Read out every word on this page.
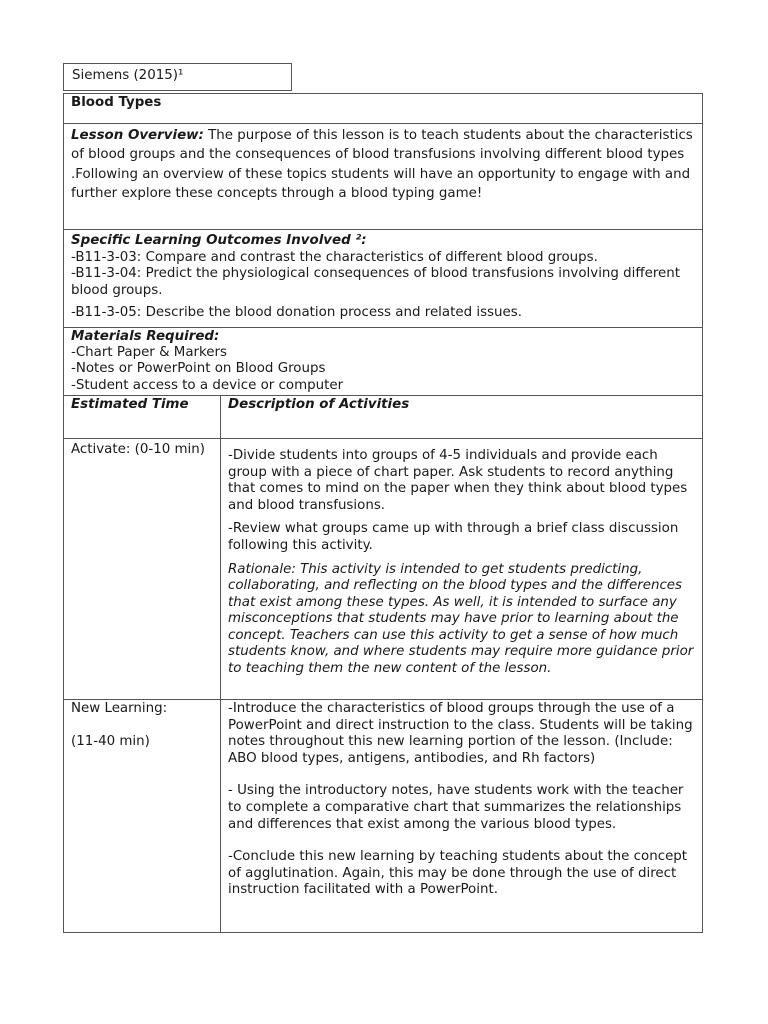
Siemens (2015)¹
Blood Types
Lesson Overview: The purpose of this lesson is to teach students about the characteristics of blood groups and the consequences of blood transfusions involving different blood types .Following an overview of these topics students will have an opportunity to engage with and further explore these concepts through a blood typing game!

Specific Learning Outcomes Involved ²:

-B11-3-03: Compare and contrast the characteristics of different blood groups.

-B11-3-04: Predict the physiological consequences of blood transfusions involving different blood groups.

-B11-3-05: Describe the blood donation process and related issues.

Materials Required:

-Chart Paper & Markers

-Notes or PowerPoint on Blood Groups

-Student access to a device or computer

Estimated Time	Description of Activities
Activate: (0-10 min)	-Divide students into groups of 4-5 individuals and provide each group with a piece of chart paper. Ask students to record anything that comes to mind on the paper when they think about blood types and blood transfusions.

-Review what groups came up with through a brief class discussion following this activity.

Rationale: This activity is intended to get students predicting, collaborating, and reflecting on the blood types and the differences that exist among these types. As well, it is intended to surface any misconceptions that students may have prior to learning about the concept. Teachers can use this activity to get a sense of how much students know, and where students may require more guidance prior to teaching them the new content of the lesson.

New Learning:

(11-40 min)

-Introduce the characteristics of blood groups through the use of a PowerPoint and direct instruction to the class. Students will be taking notes throughout this new learning portion of the lesson. (Include: ABO blood types, antigens, antibodies, and Rh factors)

- Using the introductory notes, have students work with the teacher to complete a comparative chart that summarizes the relationships and differences that exist among the various blood types.

-Conclude this new learning by teaching students about the concept of agglutination. Again, this may be done through the use of direct instruction facilitated with a PowerPoint.
